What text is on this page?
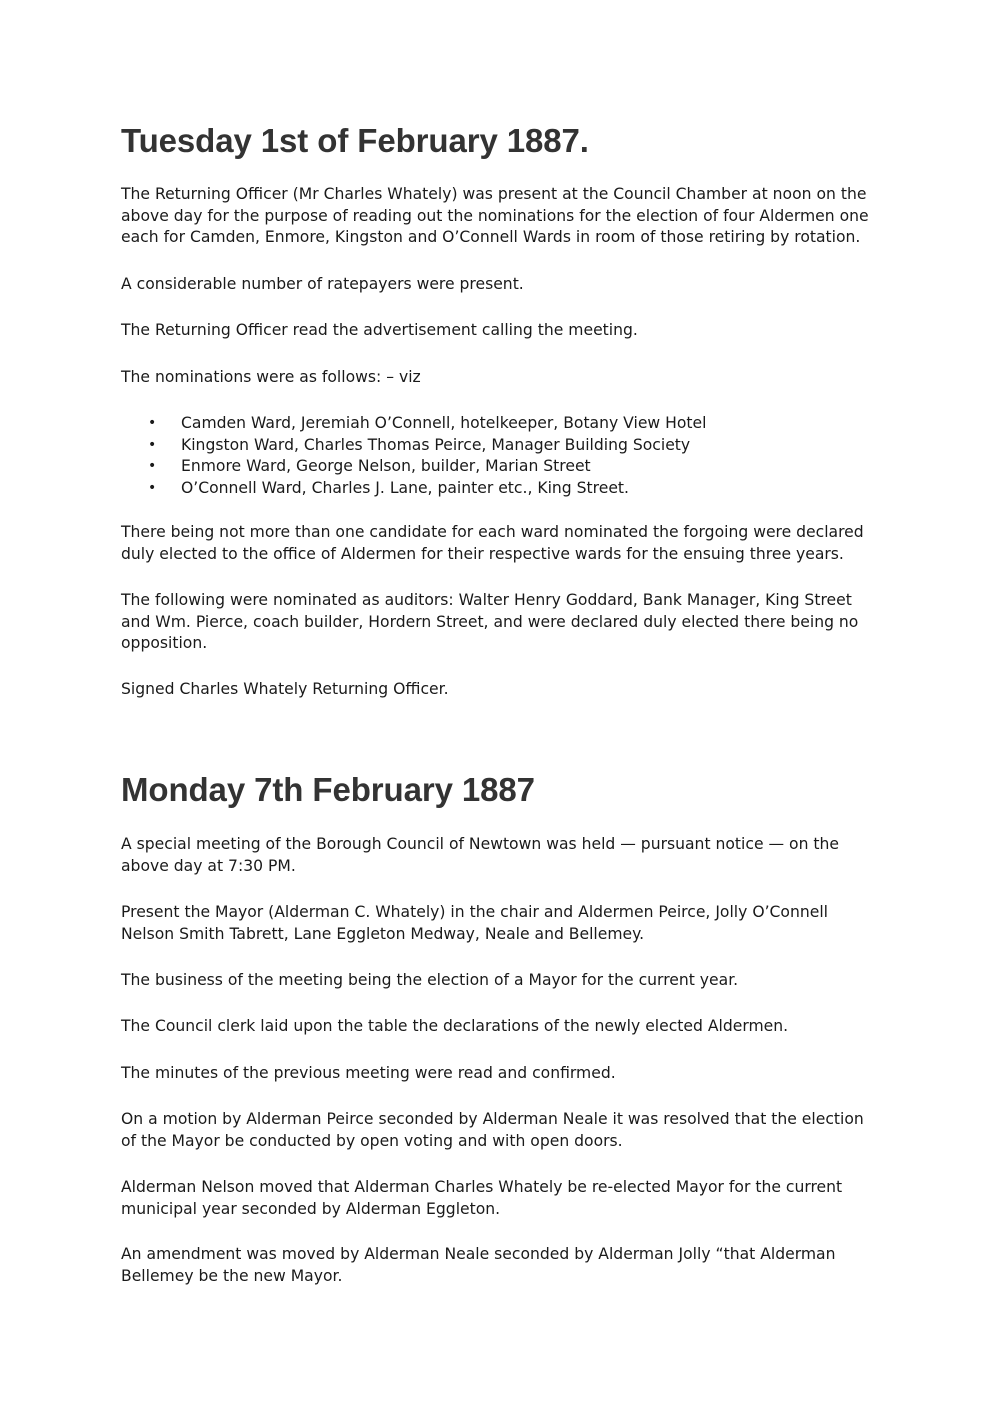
Tuesday 1st of February 1887.

The Returning Officer (Mr Charles Whately) was present at the Council Chamber at noon on the above day for the purpose of reading out the nominations for the election of four Aldermen one each for Camden, Enmore, Kingston and O’Connell Wards in room of those retiring by rotation.

A considerable number of ratepayers were present.

The Returning Officer read the advertisement calling the meeting.

The nominations were as follows: – viz

• Camden Ward, Jeremiah O’Connell, hotelkeeper, Botany View Hotel
• Kingston Ward, Charles Thomas Peirce, Manager Building Society
• Enmore Ward, George Nelson, builder, Marian Street
• O’Connell Ward, Charles J. Lane, painter etc., King Street.

There being not more than one candidate for each ward nominated the forgoing were declared duly elected to the office of Aldermen for their respective wards for the ensuing three years.

The following were nominated as auditors: Walter Henry Goddard, Bank Manager, King Street and Wm. Pierce, coach builder, Hordern Street, and were declared duly elected there being no opposition.

Signed Charles Whately Returning Officer.

Monday 7th February 1887

A special meeting of the Borough Council of Newtown was held — pursuant notice — on the above day at 7:30 PM.

Present the Mayor (Alderman C. Whately) in the chair and Aldermen Peirce, Jolly O’Connell Nelson Smith Tabrett, Lane Eggleton Medway, Neale and Bellemey.

The business of the meeting being the election of a Mayor for the current year.

The Council clerk laid upon the table the declarations of the newly elected Aldermen.

The minutes of the previous meeting were read and confirmed.

On a motion by Alderman Peirce seconded by Alderman Neale it was resolved that the election of the Mayor be conducted by open voting and with open doors.

Alderman Nelson moved that Alderman Charles Whately be re-elected Mayor for the current municipal year seconded by Alderman Eggleton.

An amendment was moved by Alderman Neale seconded by Alderman Jolly “that Alderman Bellemey be the new Mayor.
